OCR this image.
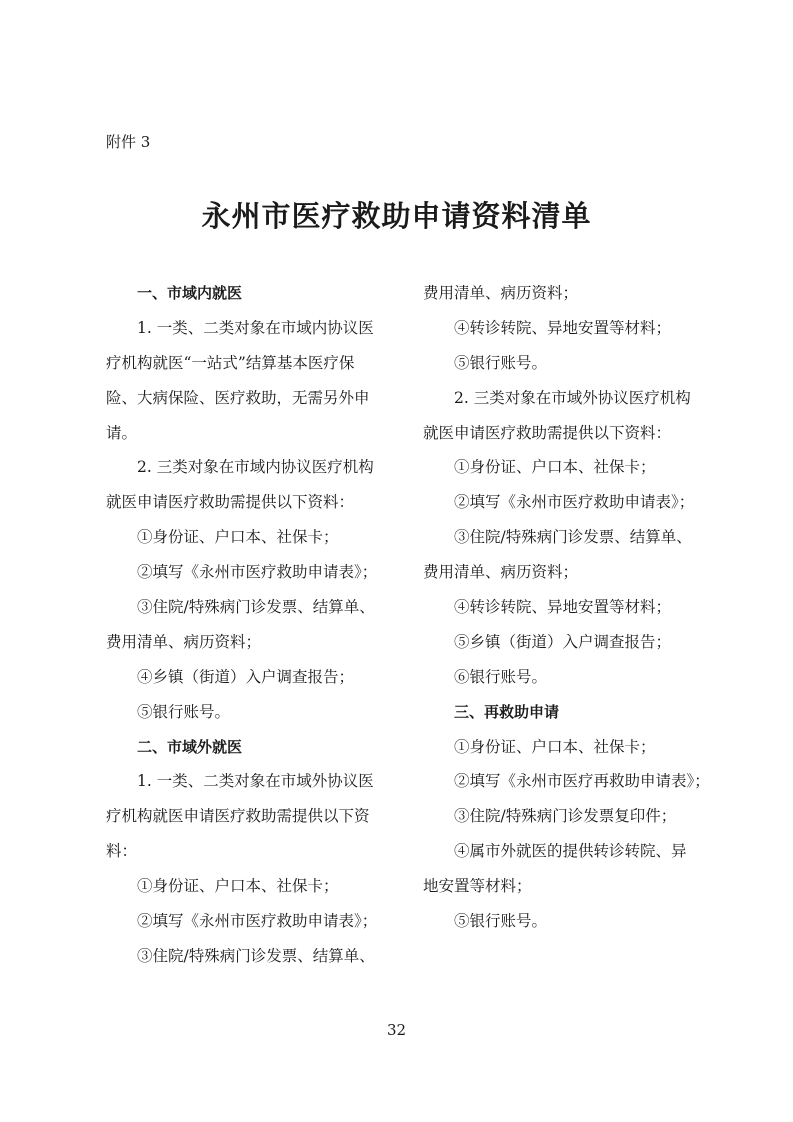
附件 3
永州市医疗救助申请资料清单
一、市域内就医
1. 一类、二类对象在市域内协议医
疗机构就医“一站式”结算基本医疗保
险、大病保险、医疗救助，无需另外申
请。
2. 三类对象在市域内协议医疗机构
就医申请医疗救助需提供以下资料：
①身份证、户口本、社保卡；
②填写《永州市医疗救助申请表》；
③住院/特殊病门诊发票、结算单、
费用清单、病历资料；
④乡镇（街道）入户调查报告；
⑤银行账号。
二、市域外就医
1. 一类、二类对象在市域外协议医
疗机构就医申请医疗救助需提供以下资
料：
①身份证、户口本、社保卡；
②填写《永州市医疗救助申请表》；
③住院/特殊病门诊发票、结算单、
费用清单、病历资料；
④转诊转院、异地安置等材料；
⑤银行账号。
2. 三类对象在市域外协议医疗机构
就医申请医疗救助需提供以下资料：
①身份证、户口本、社保卡；
②填写《永州市医疗救助申请表》；
③住院/特殊病门诊发票、结算单、
费用清单、病历资料；
④转诊转院、异地安置等材料；
⑤乡镇（街道）入户调查报告；
⑥银行账号。
三、再救助申请
①身份证、户口本、社保卡；
②填写《永州市医疗再救助申请表》；
③住院/特殊病门诊发票复印件；
④属市外就医的提供转诊转院、异
地安置等材料；
⑤银行账号。
32
